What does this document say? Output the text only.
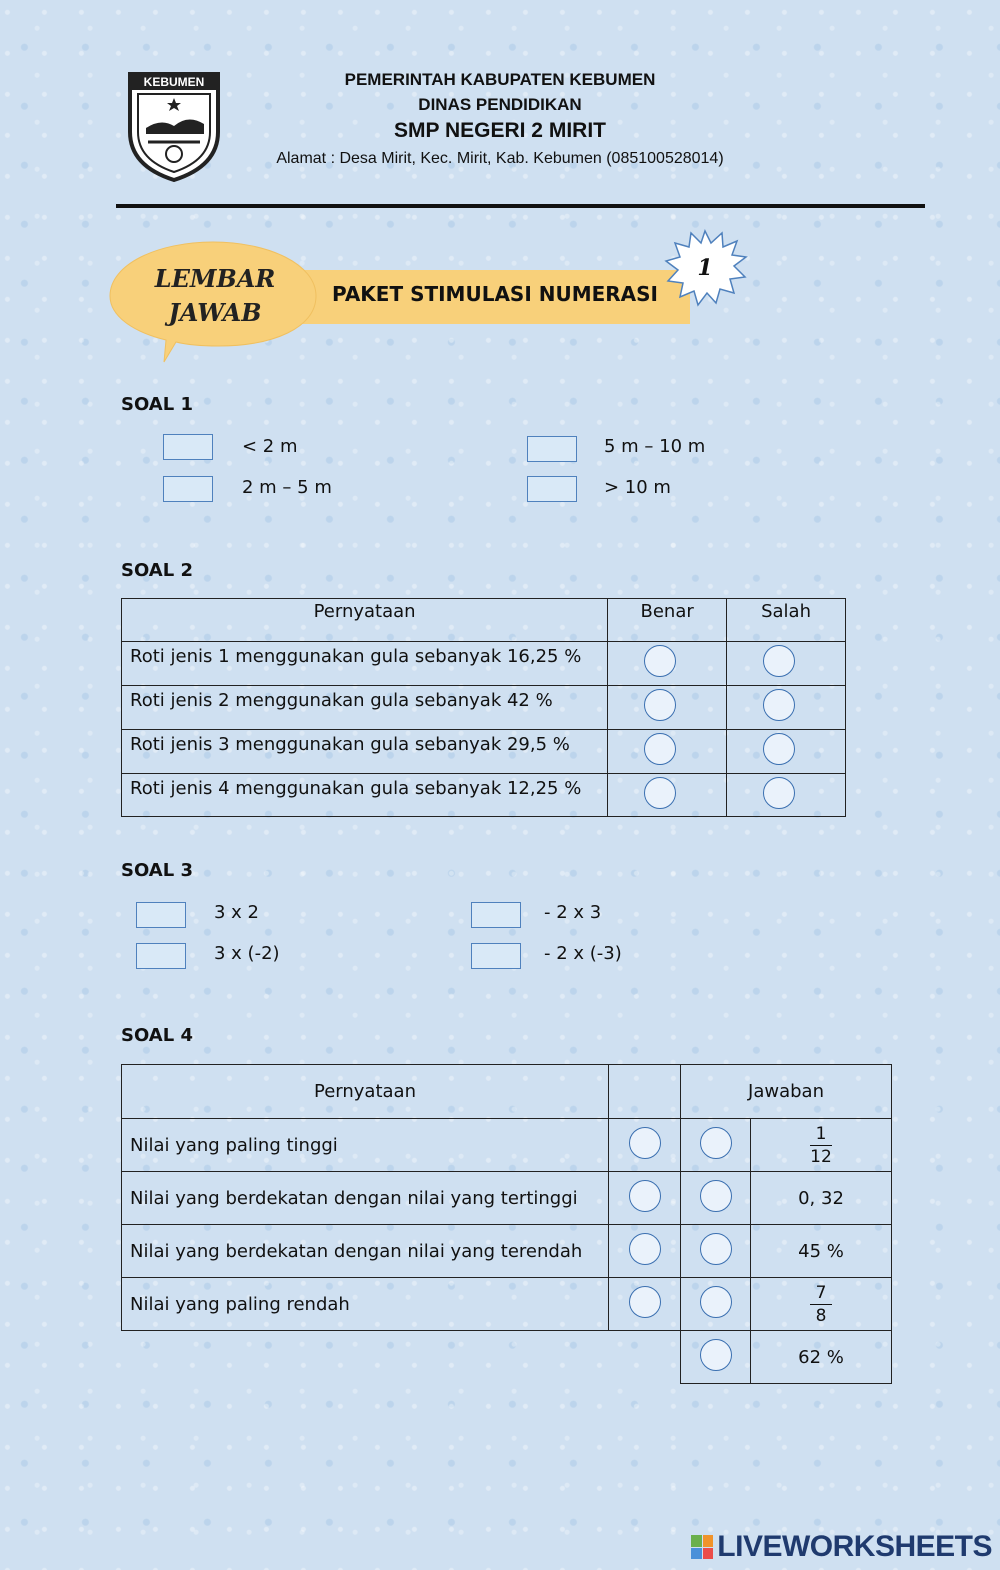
KEBUMEN	PEMERINTAH KABUPATEN KEBUMEN
DINAS PENDIDIKAN
SMP NEGERI 2 MIRIT
Alamat : Desa Mirit, Kec. Mirit, Kab. Kebumen (085100528014)
PAKET STIMULASI NUMERASI
LEMBAR
JAWAB
1
SOAL 1
< 2 m
2 m – 5 m
5 m – 10 m
> 10 m
SOAL 2
Pernyataan	Benar	Salah
Roti jenis 1 menggunakan gula sebanyak 16,25 %		
Roti jenis 2 menggunakan gula sebanyak 42 %		
Roti jenis 3 menggunakan gula sebanyak 29,5 %		
Roti jenis 4 menggunakan gula sebanyak 12,25 %		
SOAL 3
3 x 2
3 x (-2)
- 2 x 3
- 2 x (-3)
SOAL 4
Pernyataan		Jawaban	
Nilai yang paling tinggi			$\frac{1}{12}$

Nilai yang berdekatan dengan nilai yang tertinggi			0, 32
Nilai yang berdekatan dengan nilai yang terendah			45 %
Nilai yang paling rendah			$\frac{7}{8}$

			62 %
LIVEWORKSHEETS
